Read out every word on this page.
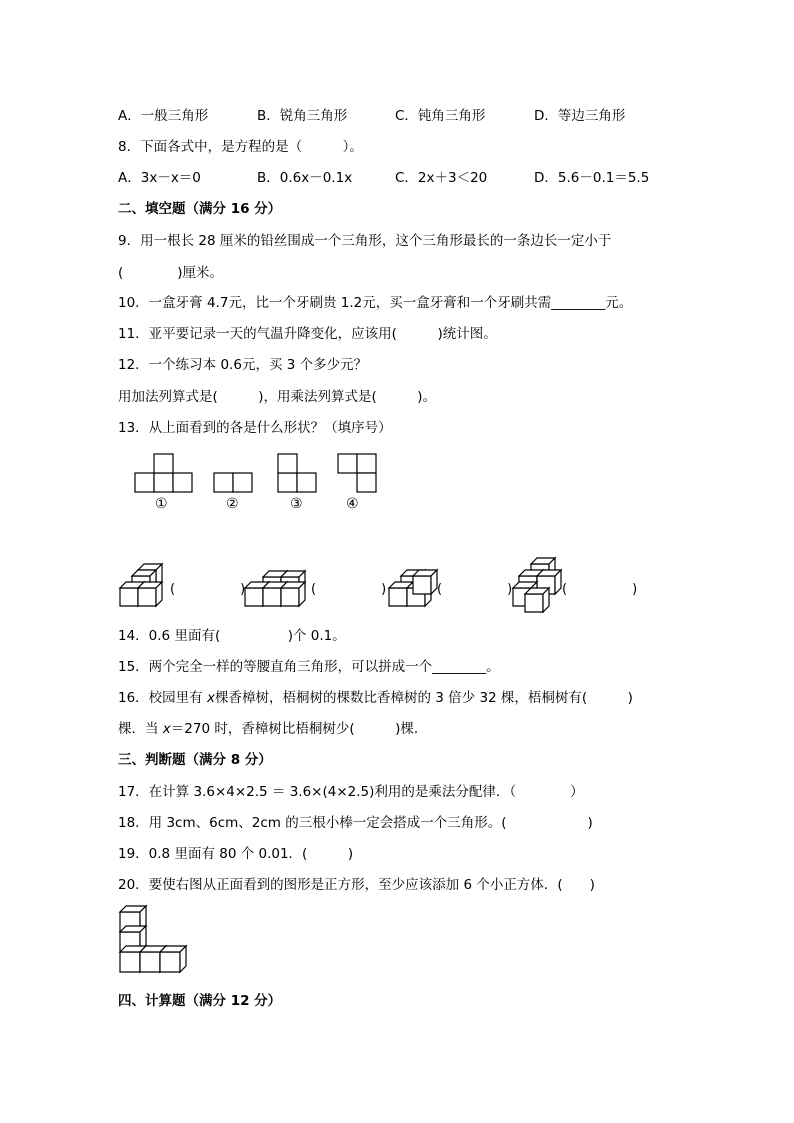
A．一般三角形	B．锐角三角形	C．钝角三角形	D．等边三角形
8．下面各式中，是方程的是（　　　）。
A．3x－x＝0	B．0.6x－0.1x	C．2x＋3＜20	D．5.6－0.1＝5.5
二、填空题（满分 16 分）
9．用一根长 28 厘米的铅丝围成一个三角形，这个三角形最长的一条边长一定小于
(　　　　)厘米。
10．一盒牙膏 4.7元，比一个牙刷贵 1.2元，买一盒牙膏和一个牙刷共需________元。
11．亚平要记录一天的气温升降变化，应该用(　　　)统计图。
12．一个练习本 0.6元，买 3 个多少元？
用加法列算式是(　　　)，用乘法列算式是(　　　)。
13．从上面看到的各是什么形状？（填序号）
①	②	③	④
(　　　　　)	(　　　　　)	(　　　　　)	(　　　　　)
14．0.6 里面有(　　　　　)个 0.1。
15．两个完全一样的等腰直角三角形，可以拼成一个________。
16．校园里有 x棵香樟树，梧桐树的棵数比香樟树的 3 倍少 32 棵，梧桐树有(　　　)
棵．当 x＝270 时，香樟树比梧桐树少(　　　)棵．
三、判断题（满分 8 分）
17．在计算 3.6×4×2.5 ＝ 3.6×(4×2.5)利用的是乘法分配律．（　　　　）
18．用 3cm、6cm、2cm 的三根小棒一定会搭成一个三角形。(　　　　　　)
19．0.8 里面有 80 个 0.01．(　　　)
20．要使右图从正面看到的图形是正方形，至少应该添加 6 个小正方体．(　　)
四、计算题（满分 12 分）
